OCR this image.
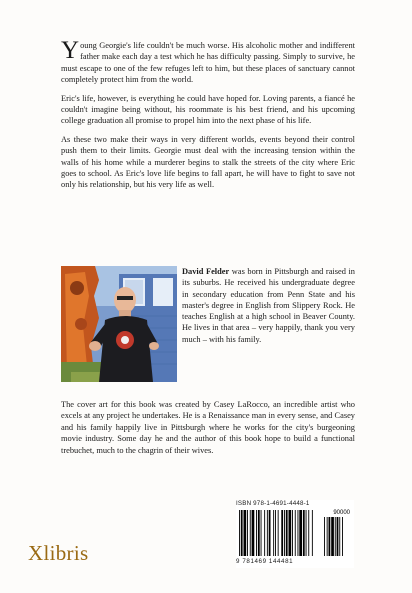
Young Georgie's life couldn't be much worse. His alcoholic mother and indifferent father make each day a test which he has difficulty passing. Simply to survive, he must escape to one of the few refuges left to him, but these places of sanctuary cannot completely protect him from the world.

Eric's life, however, is everything he could have hoped for. Loving parents, a fiancé he couldn't imagine being without, his roommate is his best friend, and his upcoming college graduation all promise to propel him into the next phase of his life.

As these two make their ways in very different worlds, events beyond their control push them to their limits. Georgie must deal with the increasing tension within the walls of his home while a murderer begins to stalk the streets of the city where Eric goes to school. As Eric's love life begins to fall apart, he will have to fight to save not only his relationship, but his very life as well.

David Felder was born in Pittsburgh and raised in its suburbs. He received his undergraduate degree in secondary education from Penn State and his master's degree in English from Slippery Rock. He teaches English at a high school in Beaver County. He lives in that area – very happily, thank you very much – with his family.

The cover art for this book was created by Casey LaRocco, an incredible artist who excels at any project he undertakes. He is a Renaissance man in every sense, and Casey and his family happily live in Pittsburgh where he works for the city's burgeoning movie industry. Some day he and the author of this book hope to build a functional trebuchet, much to the chagrin of their wives.

Xlibris
ISBN 978-1-4691-4448-1
90000
9 781469 144481
